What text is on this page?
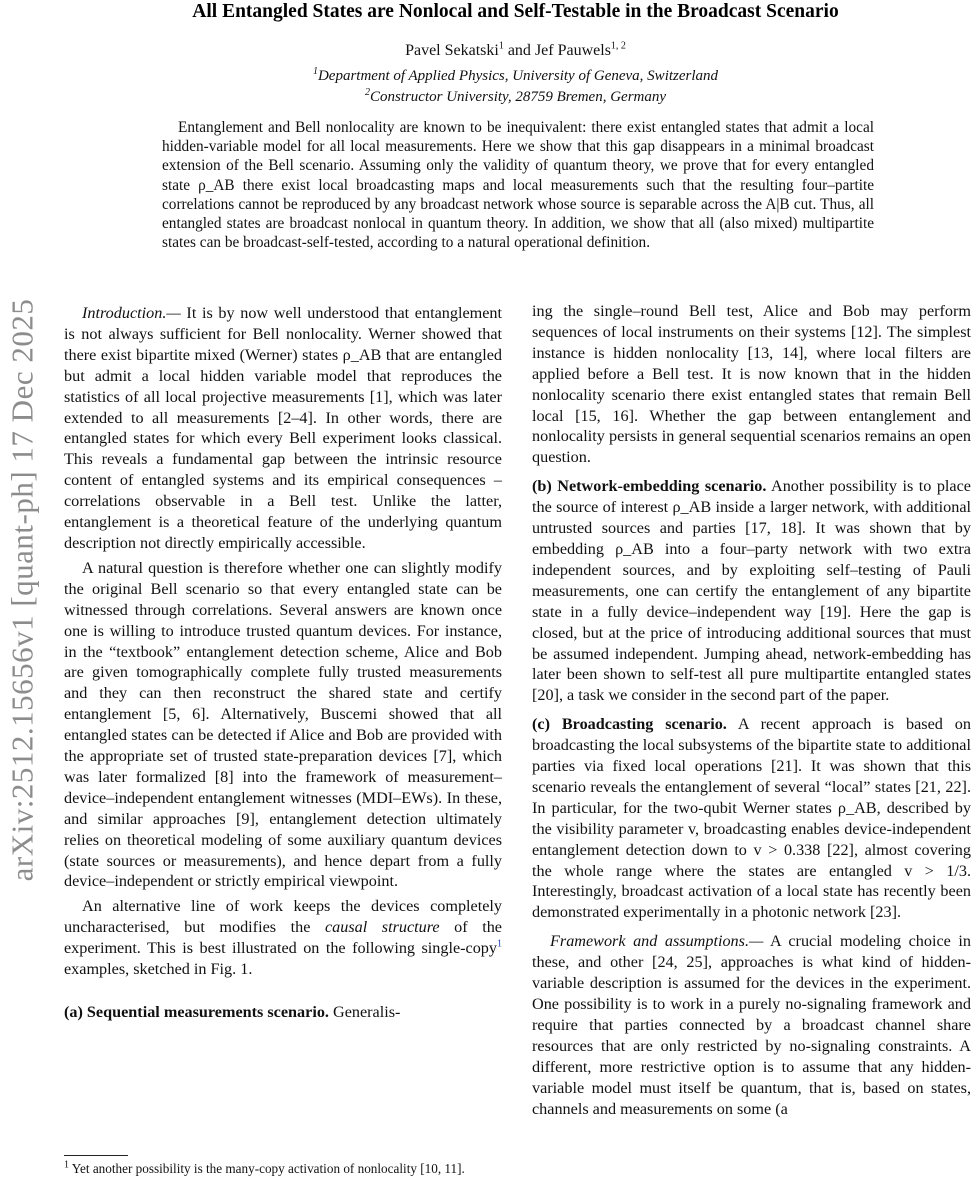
arXiv:2512.15656v1 [quant-ph] 17 Dec 2025
All Entangled States are Nonlocal and Self-Testable in the Broadcast Scenario
Pavel Sekatski$^1$ and Jef Pauwels$^{1, 2}$
$^1$Department of Applied Physics, University of Geneva, Switzerland
$^2$Constructor University, 28759 Bremen, Germany

Entanglement and Bell nonlocality are known to be inequivalent: there exist entangled states that admit a local hidden-variable model for all local measurements. Here we show that this gap disappears in a minimal broadcast extension of the Bell scenario. Assuming only the validity of quantum theory, we prove that for every entangled state ρ_AB there exist local broadcasting maps and local measurements such that the resulting four–partite correlations cannot be reproduced by any broadcast network whose source is separable across the A|B cut. Thus, all entangled states are broadcast nonlocal in quantum theory. In addition, we show that all (also mixed) multipartite states can be broadcast-self-tested, according to a natural operational definition.

Introduction.— It is by now well understood that entanglement is not always sufficient for Bell nonlocality. Werner showed that there exist bipartite mixed (Werner) states ρ_AB that are entangled but admit a local hidden variable model that reproduces the statistics of all local projective measurements [1], which was later extended to all measurements [2–4]. In other words, there are entangled states for which every Bell experiment looks classical. This reveals a fundamental gap between the intrinsic resource content of entangled systems and its empirical consequences – correlations observable in a Bell test. Unlike the latter, entanglement is a theoretical feature of the underlying quantum description not directly empirically accessible.

A natural question is therefore whether one can slightly modify the original Bell scenario so that every entangled state can be witnessed through correlations. Several answers are known once one is willing to introduce trusted quantum devices. For instance, in the “textbook” entanglement detection scheme, Alice and Bob are given tomographically complete fully trusted measurements and they can then reconstruct the shared state and certify entanglement [5, 6]. Alternatively, Buscemi showed that all entangled states can be detected if Alice and Bob are provided with the appropriate set of trusted state-preparation devices [7], which was later formalized [8] into the framework of measurement–device–independent entanglement witnesses (MDI–EWs). In these, and similar approaches [9], entanglement detection ultimately relies on theoretical modeling of some auxiliary quantum devices (state sources or measurements), and hence depart from a fully device–independent or strictly empirical viewpoint.

An alternative line of work keeps the devices completely uncharacterised, but modifies the causal structure of the experiment. This is best illustrated on the following single-copy$^1$ examples, sketched in Fig. 1.

(a) Sequential measurements scenario. Generalis-

ing the single–round Bell test, Alice and Bob may perform sequences of local instruments on their systems [12]. The simplest instance is hidden nonlocality [13, 14], where local filters are applied before a Bell test. It is now known that in the hidden nonlocality scenario there exist entangled states that remain Bell local [15, 16]. Whether the gap between entanglement and nonlocality persists in general sequential scenarios remains an open question.

(b) Network-embedding scenario. Another possibility is to place the source of interest ρ_AB inside a larger network, with additional untrusted sources and parties [17, 18]. It was shown that by embedding ρ_AB into a four–party network with two extra independent sources, and by exploiting self–testing of Pauli measurements, one can certify the entanglement of any bipartite state in a fully device–independent way [19]. Here the gap is closed, but at the price of introducing additional sources that must be assumed independent. Jumping ahead, network-embedding has later been shown to self-test all pure multipartite entangled states [20], a task we consider in the second part of the paper.

(c) Broadcasting scenario. A recent approach is based on broadcasting the local subsystems of the bipartite state to additional parties via fixed local operations [21]. It was shown that this scenario reveals the entanglement of several “local” states [21, 22]. In particular, for the two-qubit Werner states ρ_AB, described by the visibility parameter v, broadcasting enables device-independent entanglement detection down to v > 0.338 [22], almost covering the whole range where the states are entangled v > 1/3. Interestingly, broadcast activation of a local state has recently been demonstrated experimentally in a photonic network [23].

Framework and assumptions.— A crucial modeling choice in these, and other [24, 25], approaches is what kind of hidden-variable description is assumed for the devices in the experiment. One possibility is to work in a purely no-signaling framework and require that parties connected by a broadcast channel share resources that are only restricted by no-signaling constraints. A different, more restrictive option is to assume that any hidden-variable model must itself be quantum, that is, based on states, channels and measurements on some (a

$^1$ Yet another possibility is the many-copy activation of nonlocality [10, 11].
